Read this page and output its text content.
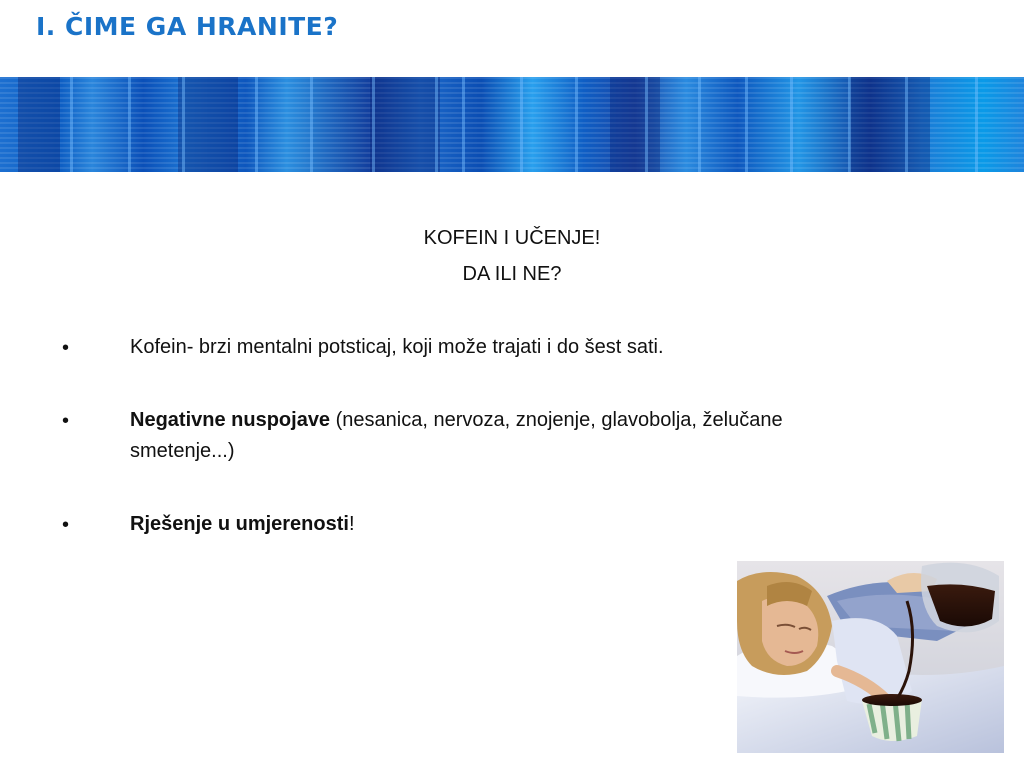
I. ČIME GA HRANITE?
KOFEIN I UČENJE!
DA ILI NE?
•	Kofein- brzi mentalni potsticaj, koji može trajati i do šest sati.
•	Negativne nuspojave (nesanica, nervoza, znojenje, glavobolja, želučane smetenje...)
•	Rješenje u umjerenosti!
